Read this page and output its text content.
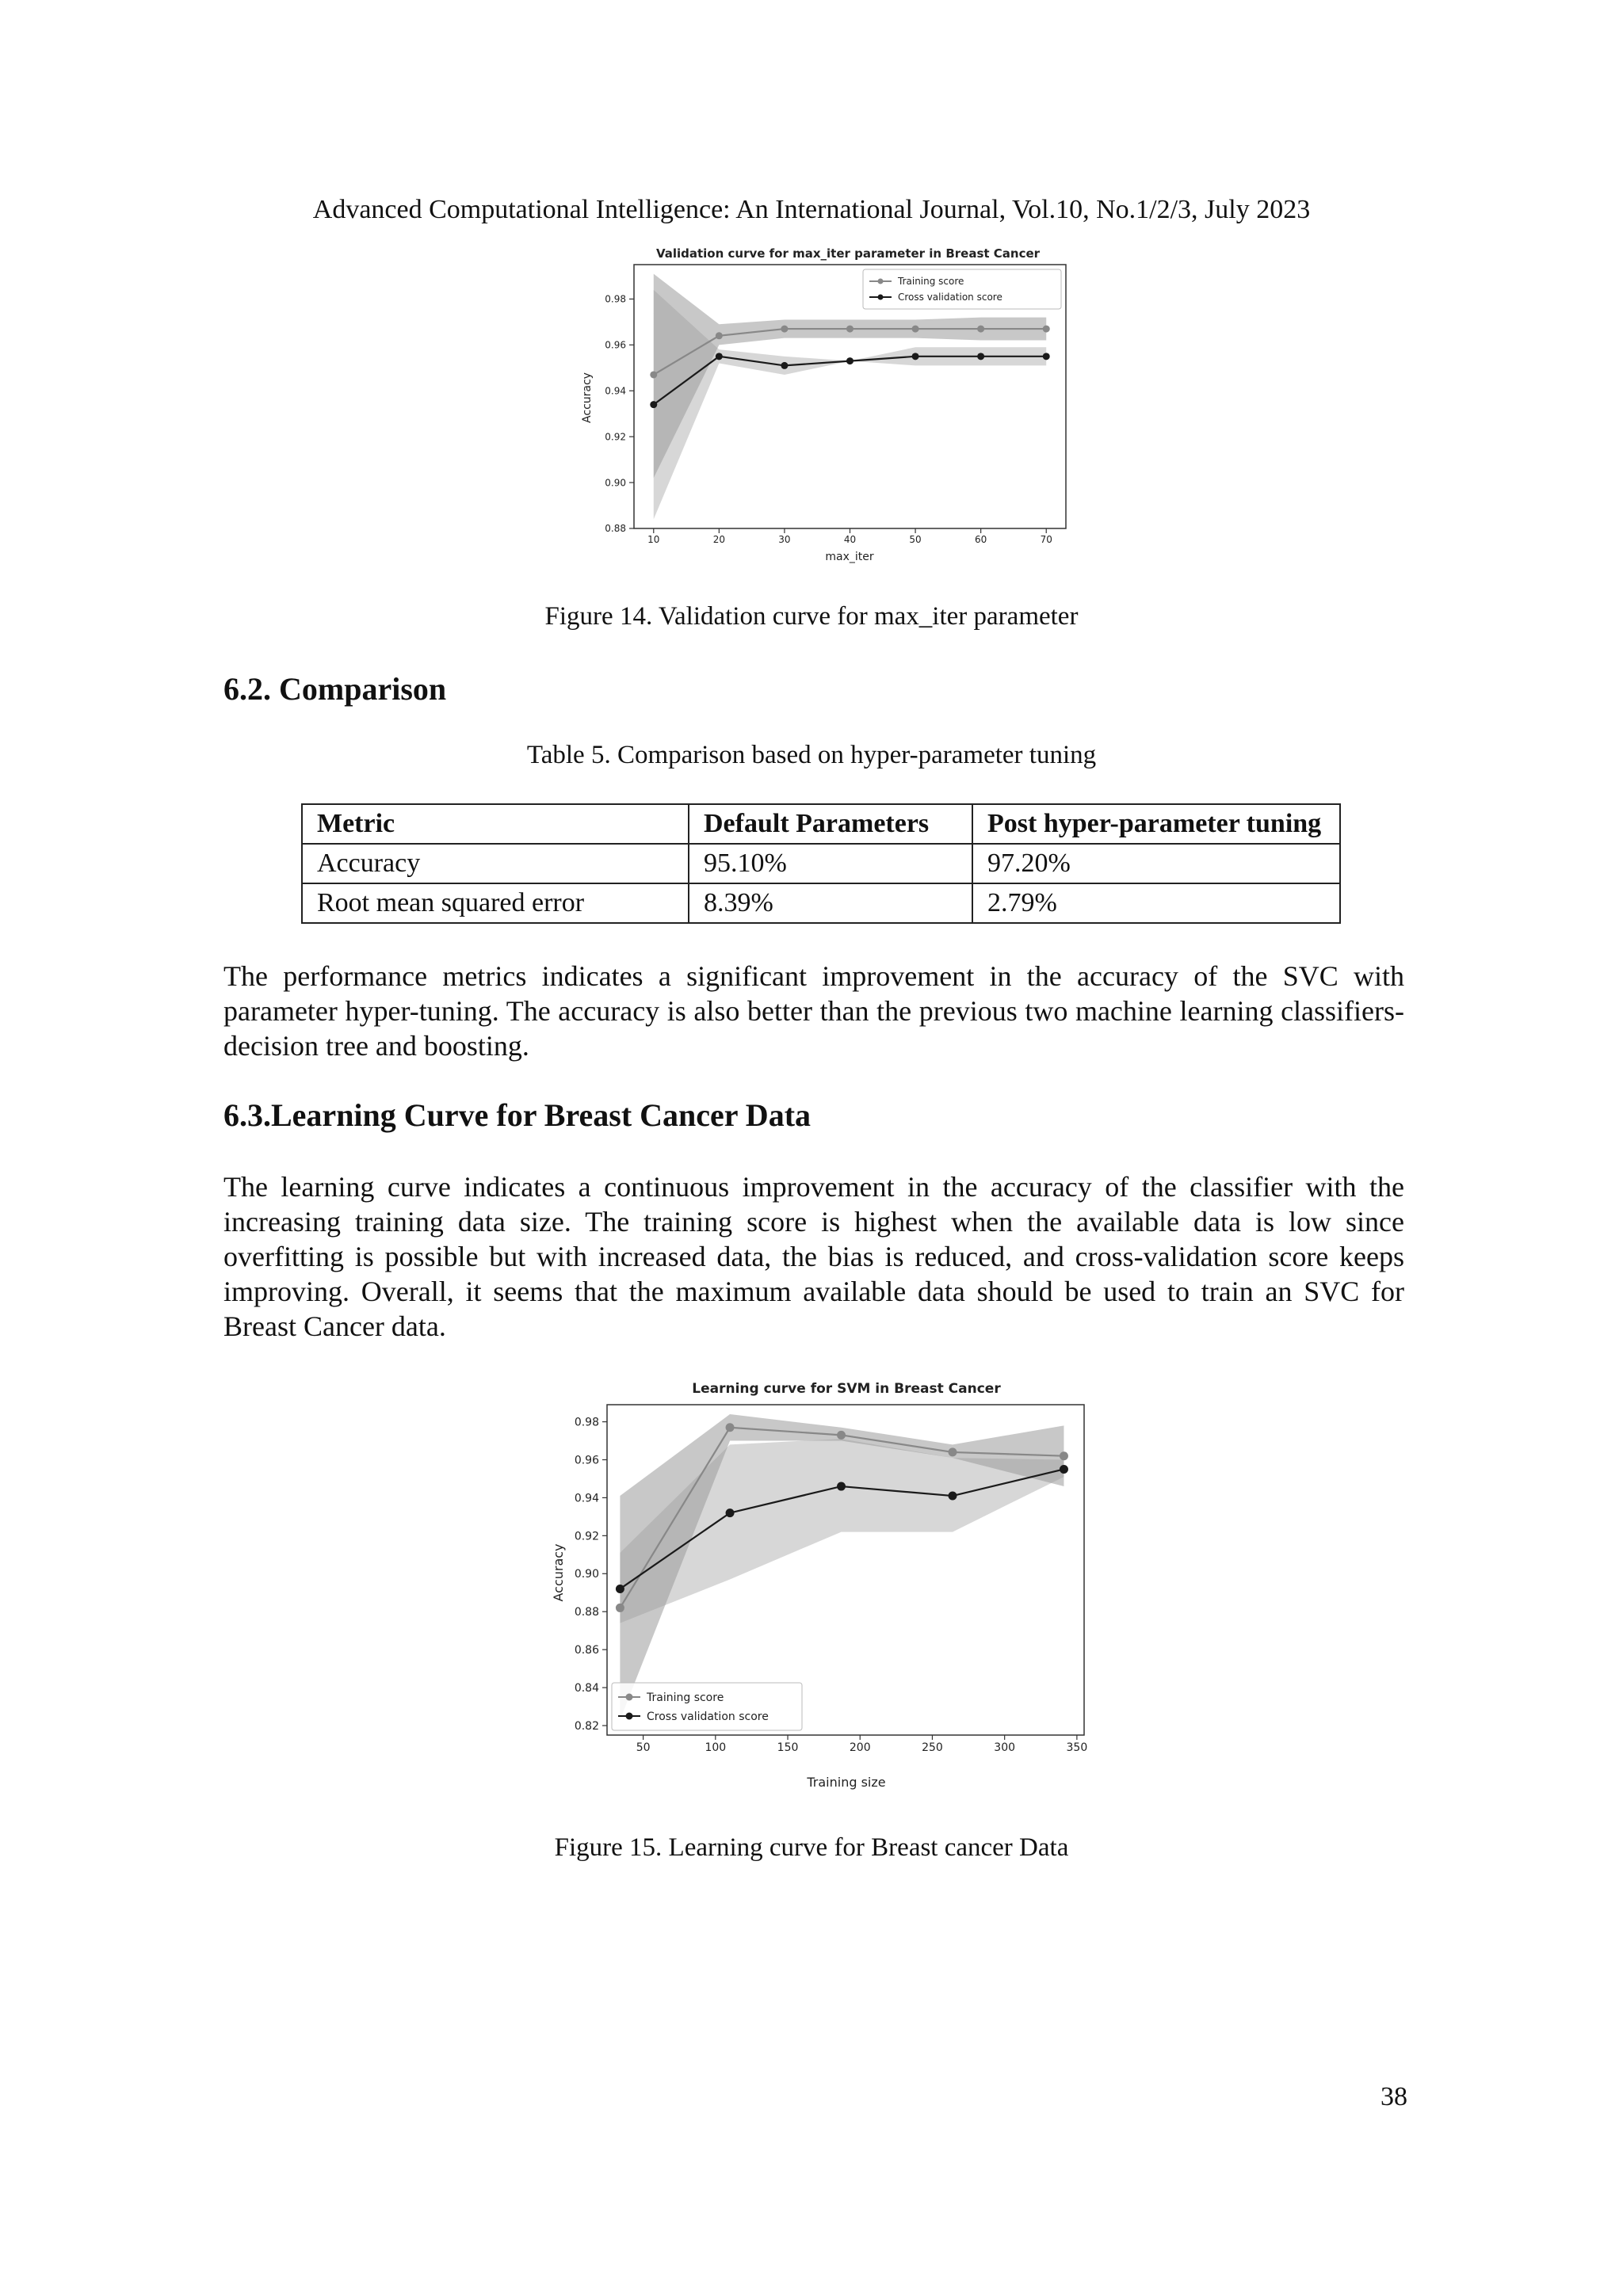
Advanced Computational Intelligence: An International Journal, Vol.10, No.1/2/3, July 2023
Validation curve for max_iter parameter in Breast Cancer
10	20	30	40	50	60	70
0.88
0.90
0.92
0.94
0.96
0.98
Training score
Cross validation score
max_iter
Accuracy
Figure 14. Validation curve for max_iter parameter
6.2. Comparison
Table 5. Comparison based on hyper-parameter tuning
Metric	Default Parameters	Post hyper-parameter tuning
Accuracy	95.10%	97.20%
Root mean squared error	8.39%	2.79%
The performance metrics indicates a significant improvement in the accuracy of the SVC with parameter hyper-tuning. The accuracy is also better than the previous two machine learning classifiers- decision tree and boosting.
6.3.Learning Curve for Breast Cancer Data
The learning curve indicates a continuous improvement in the accuracy of the classifier with the increasing training data size. The training score is highest when the available data is low since overfitting is possible but with increased data, the bias is reduced, and cross-validation score keeps improving. Overall, it seems that the maximum available data should be used to train an SVC for Breast Cancer data.
Learning curve for SVM in Breast Cancer
50	100	150	200	250	300	350
0.82
0.84
0.86
0.88
0.90
0.92
0.94
0.96
0.98
Training score
Cross validation score
Training size
Accuracy
Figure 15. Learning curve for Breast cancer Data
38
